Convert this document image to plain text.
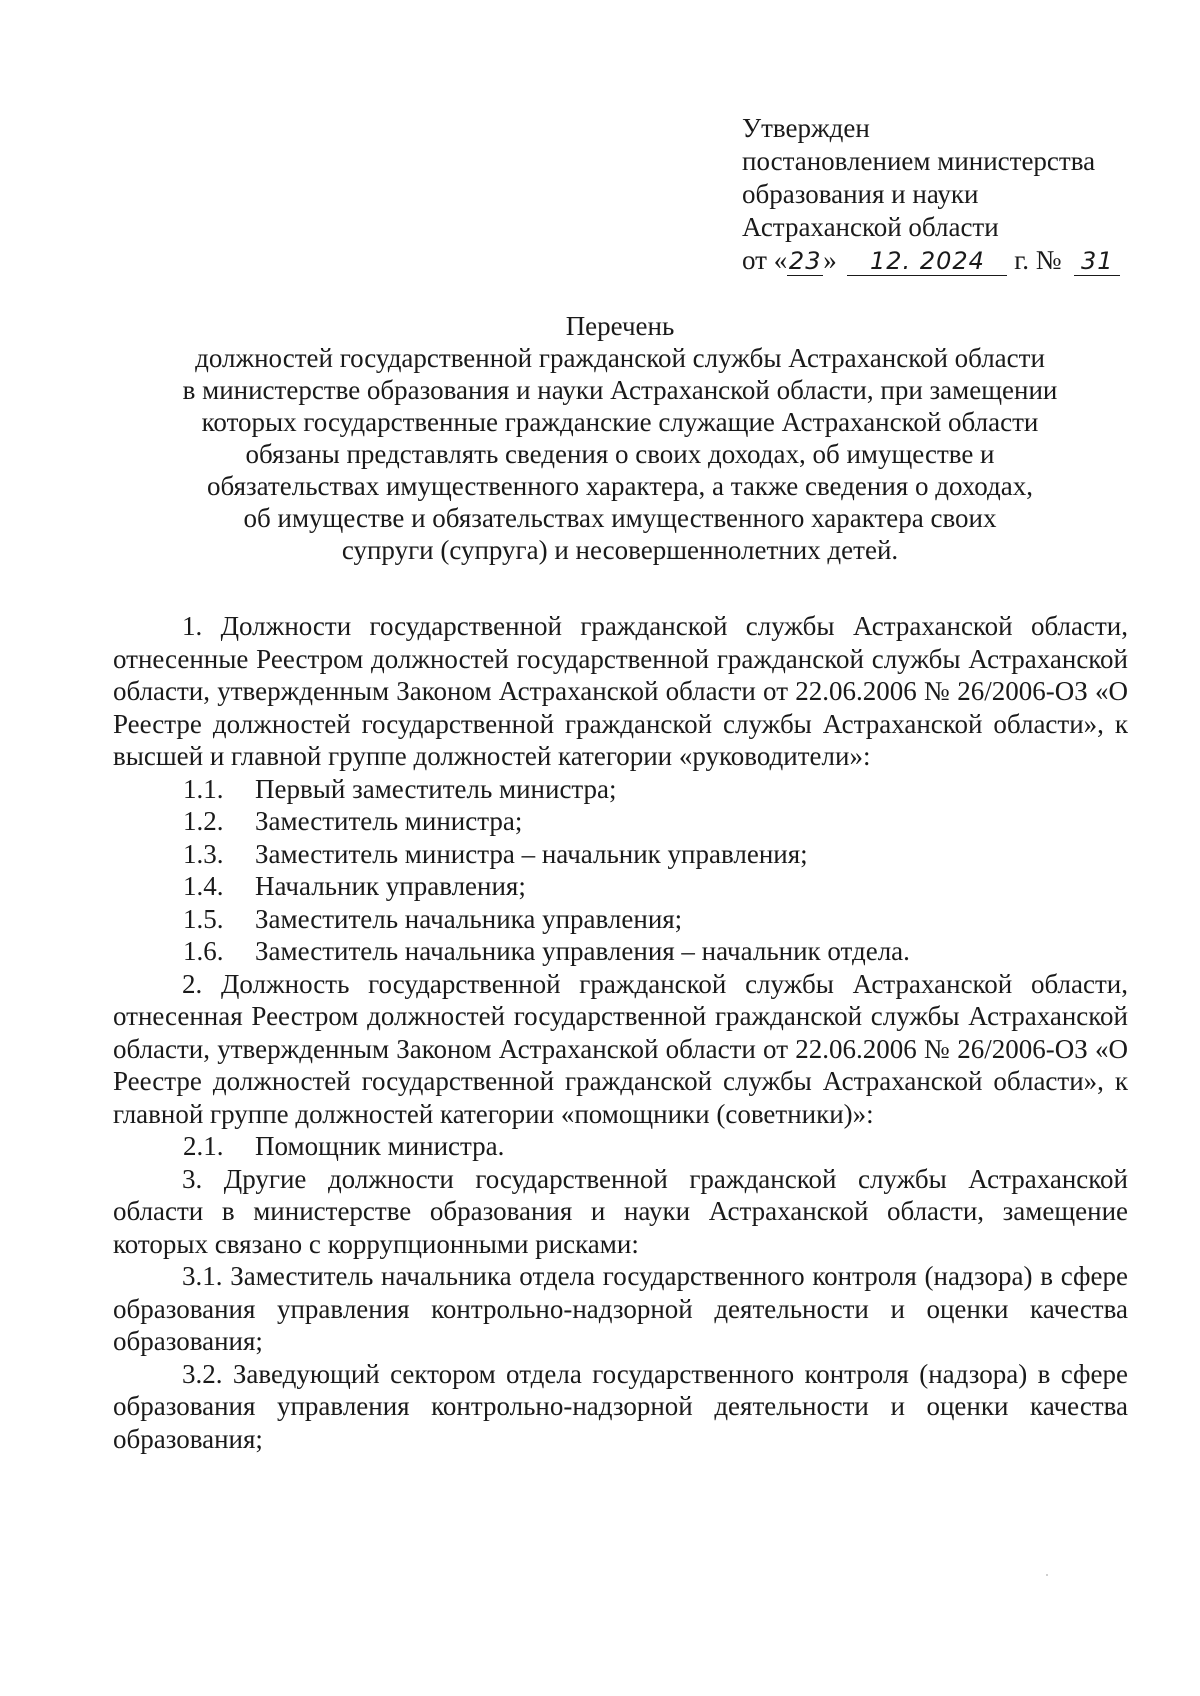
Утвержден
постановлением министерства
образования и науки
Астраханской области
от «23» 12. 2024 г. № 31
Перечень
должностей государственной гражданской службы Астраханской области
в министерстве образования и науки Астраханской области, при замещении
которых государственные гражданские служащие Астраханской области
обязаны представлять сведения о своих доходах, об имуществе и
обязательствах имущественного характера, а также сведения о доходах,
об имуществе и обязательствах имущественного характера своих
супруги (супруга) и несовершеннолетних детей.

1. Должности государственной гражданской службы Астраханской области, отнесенные Реестром должностей государственной гражданской службы Астраханской области, утвержденным Законом Астраханской области от 22.06.2006 № 26/2006-ОЗ «О Реестре должностей государственной гражданской службы Астраханской области», к высшей и главной группе должностей категории «руководители»:

1.1. Первый заместитель министра;

1.2. Заместитель министра;

1.3. Заместитель министра – начальник управления;

1.4. Начальник управления;

1.5. Заместитель начальника управления;

1.6. Заместитель начальника управления – начальник отдела.

2. Должность государственной гражданской службы Астраханской области, отнесенная Реестром должностей государственной гражданской службы Астраханской области, утвержденным Законом Астраханской области от 22.06.2006 № 26/2006-ОЗ «О Реестре должностей государственной гражданской службы Астраханской области», к главной группе должностей категории «помощники (советники)»:

2.1. Помощник министра.

3. Другие должности государственной гражданской службы Астраханской области в министерстве образования и науки Астраханской области, замещение которых связано с коррупционными рисками:

3.1. Заместитель начальника отдела государственного контроля (надзора) в сфере образования управления контрольно-надзорной деятельности и оценки качества образования;

3.2. Заведующий сектором отдела государственного контроля (надзора) в сфере образования управления контрольно-надзорной деятельности и оценки качества образования;
